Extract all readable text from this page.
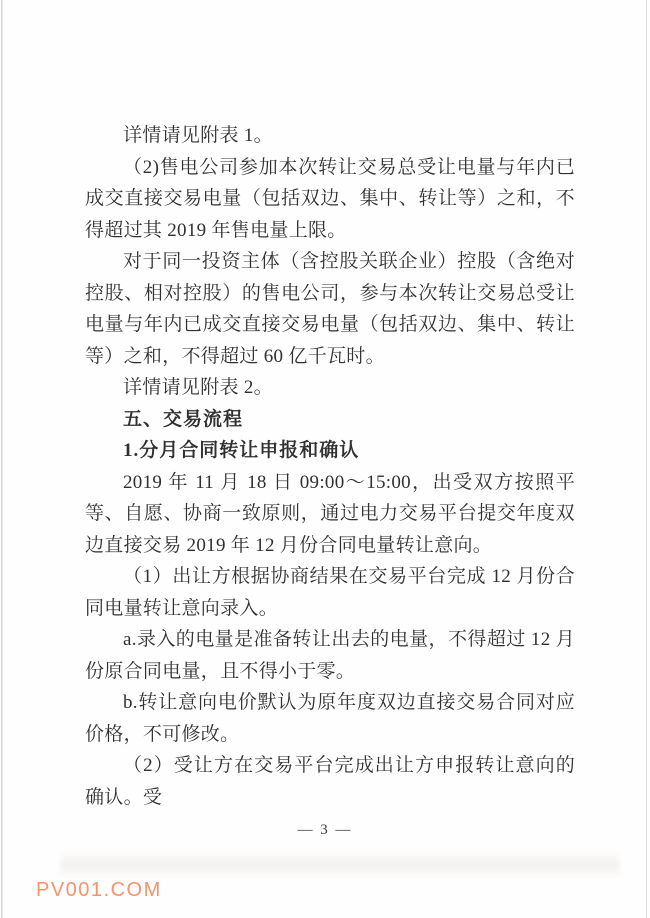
详情请见附表 1。

（2)售电公司参加本次转让交易总受让电量与年内已成交直接交易电量（包括双边、集中、转让等）之和，不得超过其 2019 年售电量上限。

对于同一投资主体（含控股关联企业）控股（含绝对控股、相对控股）的售电公司，参与本次转让交易总受让电量与年内已成交直接交易电量（包括双边、集中、转让等）之和，不得超过 60 亿千瓦时。

详情请见附表 2。

五、交易流程

1.分月合同转让申报和确认

2019 年 11 月 18 日 09:00～15:00，出受双方按照平等、自愿、协商一致原则，通过电力交易平台提交年度双边直接交易 2019 年 12 月份合同电量转让意向。

（1）出让方根据协商结果在交易平台完成 12 月份合同电量转让意向录入。

a.录入的电量是准备转让出去的电量，不得超过 12 月份原合同电量，且不得小于零。

b.转让意向电价默认为原年度双边直接交易合同对应价格，不可修改。

（2）受让方在交易平台完成出让方申报转让意向的确认。受

— 3 —
PV001.COM
